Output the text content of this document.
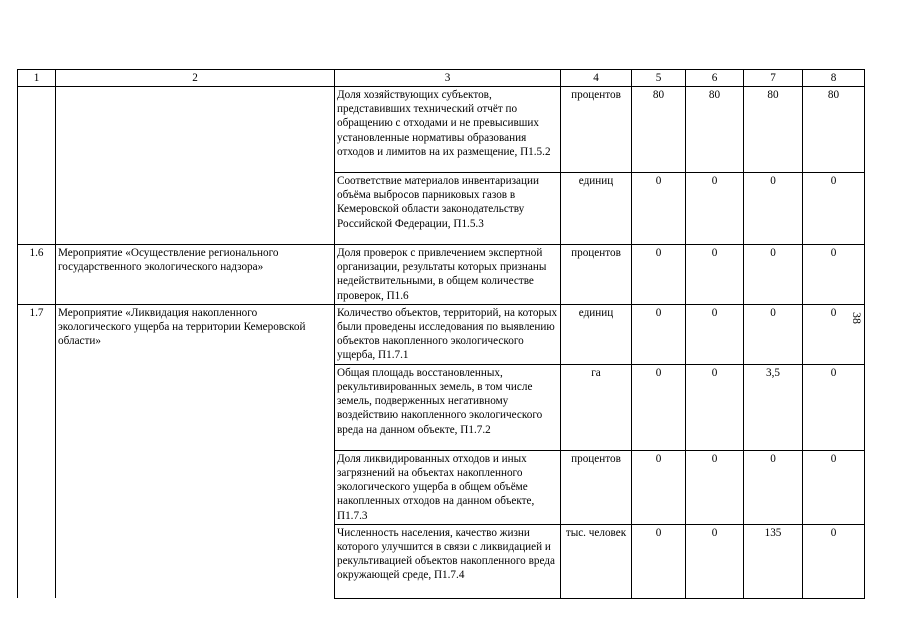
1	2	3	4	5	6	7	8
		Доля хозяйствующих субъектов, представивших технический отчёт по обращению с отходами и не превысивших установленные нормативы образования отходов и лимитов на их размещение, П1.5.2	процентов	80	80	80	80
		Соответствие материалов инвентаризации объёма выбросов парниковых газов в Кемеровской области законодательству Российской Федерации, П1.5.3	единиц	0	0	0	0
1.6	Мероприятие «Осуществление регионального государственного экологического надзора»	Доля проверок с привлечением экспертной организации, результаты которых признаны недействительными, в общем количестве проверок, П1.6	процентов	0	0	0	0
1.7	Мероприятие «Ликвидация накопленного экологического ущерба на территории Кемеровской области»	Количество объектов, территорий, на которых были проведены исследования по выявлению объектов накопленного экологического ущерба, П1.7.1	единиц	0	0	0	0
		Общая площадь восстановленных, рекультивированных земель, в том числе земель, подверженных негативному воздействию накопленного экологического вреда на данном объекте, П1.7.2	га	0	0	3,5	0
		Доля ликвидированных отходов и иных загрязнений на объектах накопленного экологического ущерба в общем объёме накопленных отходов на данном объекте, П1.7.3	процентов	0	0	0	0
		Численность населения, качество жизни которого улучшится в связи с ликвидацией и рекультивацией объектов накопленного вреда окружающей среде, П1.7.4	тыс. человек	0	0	135	0
38
